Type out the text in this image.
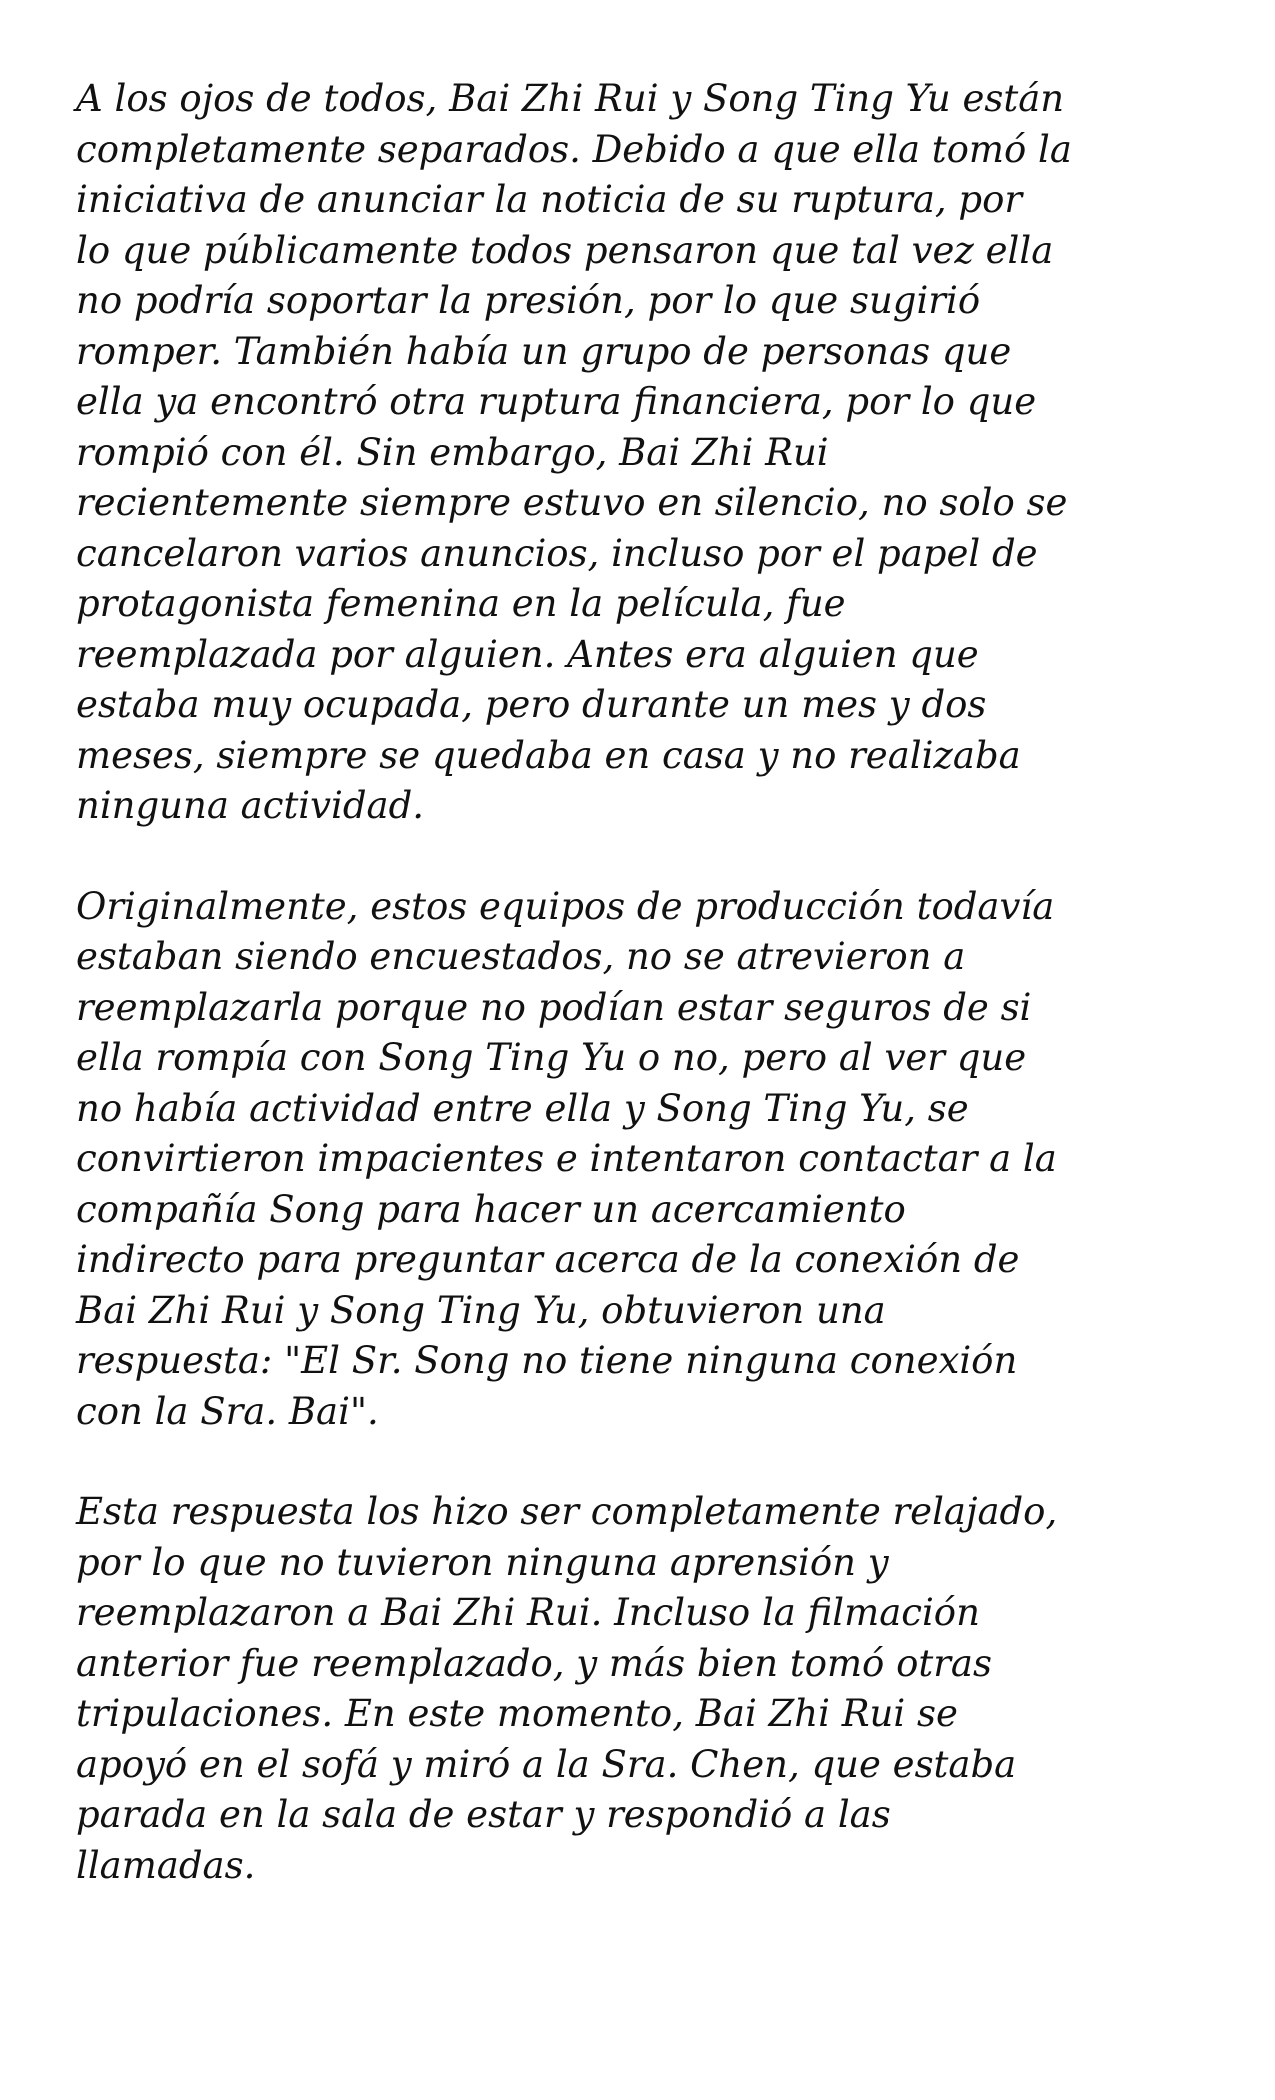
A los ojos de todos, Bai Zhi Rui y Song Ting Yu están
completamente separados. Debido a que ella tomó la
iniciativa de anunciar la noticia de su ruptura, por
lo que públicamente todos pensaron que tal vez ella
no podría soportar la presión, por lo que sugirió
romper. También había un grupo de personas que
ella ya encontró otra ruptura financiera, por lo que
rompió con él. Sin embargo, Bai Zhi Rui
recientemente siempre estuvo en silencio, no solo se
cancelaron varios anuncios, incluso por el papel de
protagonista femenina en la película, fue
reemplazada por alguien. Antes era alguien que
estaba muy ocupada, pero durante un mes y dos
meses, siempre se quedaba en casa y no realizaba
ninguna actividad.

Originalmente, estos equipos de producción todavía
estaban siendo encuestados, no se atrevieron a
reemplazarla porque no podían estar seguros de si
ella rompía con Song Ting Yu o no, pero al ver que
no había actividad entre ella y Song Ting Yu, se
convirtieron impacientes e intentaron contactar a la
compañía Song para hacer un acercamiento
indirecto para preguntar acerca de la conexión de
Bai Zhi Rui y Song Ting Yu, obtuvieron una
respuesta: "El Sr. Song no tiene ninguna conexión
con la Sra. Bai".

Esta respuesta los hizo ser completamente relajado,
por lo que no tuvieron ninguna aprensión y
reemplazaron a Bai Zhi Rui. Incluso la filmación
anterior fue reemplazado, y más bien tomó otras
tripulaciones. En este momento, Bai Zhi Rui se
apoyó en el sofá y miró a la Sra. Chen, que estaba
parada en la sala de estar y respondió a las
llamadas.
